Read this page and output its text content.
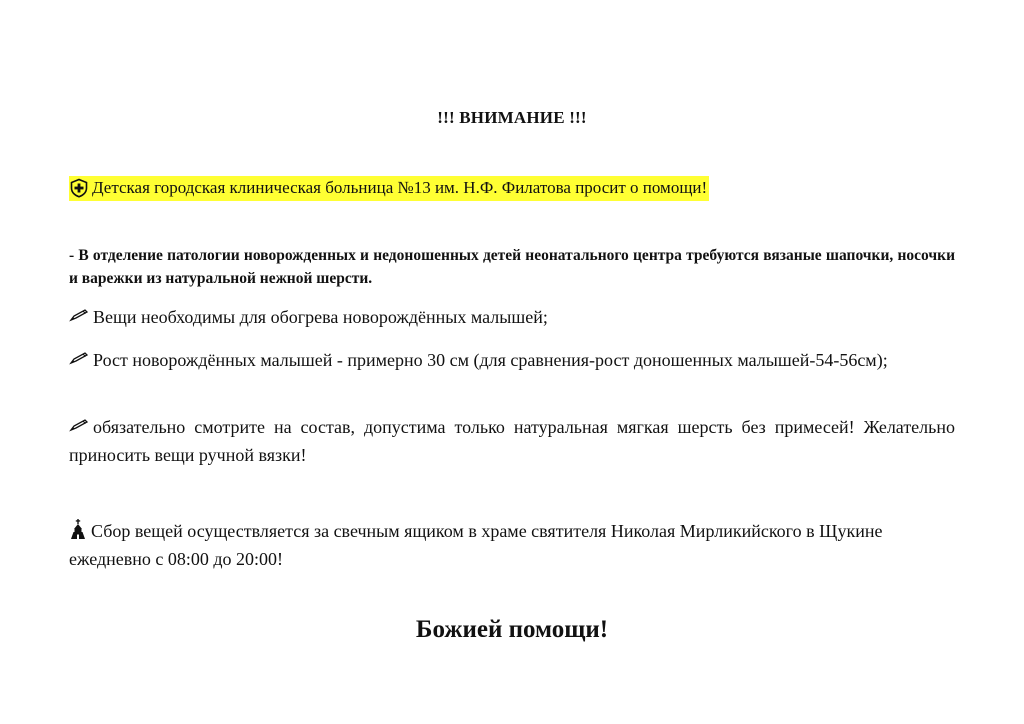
!!! ВНИМАНИЕ !!!
Детская городская клиническая больница №13 им. Н.Ф. Филатова просит о помощи!
- В отделение патологии новорожденных и недоношенных детей неонатального центра требуются вязаные шапочки, носочки и варежки из натуральной нежной шерсти.
Вещи необходимы для обогрева новорождённых малышей;
Рост новорождённых малышей - примерно 30 см (для сравнения-рост доношенных малышей-54-56см);
обязательно смотрите на состав, допустима только натуральная мягкая шерсть без примесей! Желательно приносить вещи ручной вязки!
Сбор вещей осуществляется за свечным ящиком в храме святителя Николая Мирликийского в Щукине ежедневно с 08:00 до 20:00!
Божией помощи!
